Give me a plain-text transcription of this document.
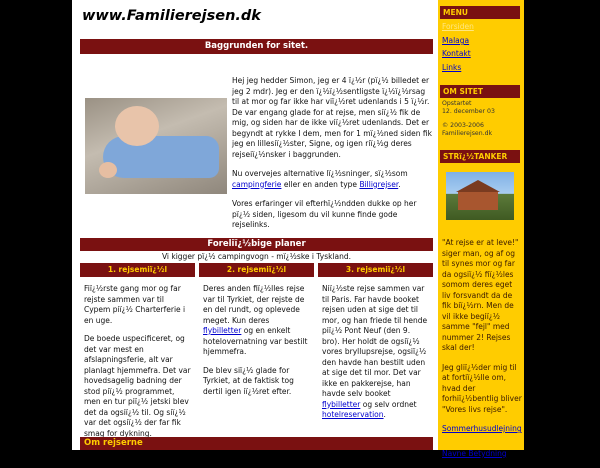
www.Familierejsen.dk
Baggrunden for sitet.

Hej jeg hedder Simon, jeg er 4 ï¿½r (pï¿½ billedet er jeg 2 mdr). Jeg er den ï¿½ï¿½sentligste ï¿½ï¿½rsag til at mor og far ikke har viï¿½ret udenlands i 5 ï¿½r. De var engang glade for at rejse, men siï¿½ fik de mig, og siden har de ikke viï¿½ret udenlands. Det er begyndt at rykke I dem, men for 1 mï¿½ned siden fik jeg en lillesiï¿½ster, Signe, og igen riï¿½g deres rejseiï¿½nsker i baggrunden.

Nu overvejes alternative lï¿½sninger, sï¿½som campingferie eller en anden type Billigrejser.

Vores erfaringer vil efterhï¿½ndden dukke op her pï¿½ siden, ligesom du vil kunne finde gode rejselinks.

Foreliï¿½bige planer
Vi kigger pï¿½ campingvogn - mï¿½ske i Tyskland.
1. rejsemiï¿½l

Fiï¿½rste gang mor og far rejste sammen var til Cypem piï¿½ Charterferie i en uge.

De boede uspecificeret, og det var mest en afslapningsferie, alt var planlagt hjemmefra. Det var hovedsagelig badning der stod piï¿½ programmet, men en tur piï¿½ jetski blev det da ogsiï¿½ til. Og siï¿½ var det ogsiï¿½ der far fik smag for dykning.

2. rejsemiï¿½l

Deres anden fiï¿½lles rejse var til Tyrkiet, der rejste de en del rundt, og oplevede meget. Kun deres flybilletter og en enkelt hotelovernatning var bestilt hjemmefra.

De blev siï¿½ glade for Tyrkiet, at de faktisk tog dertil igen iï¿½ret efter.

3. rejsemiï¿½l

Niï¿½ste rejse sammen var til Paris. Far havde booket rejsen uden at sige det til mor, og han friede til hende piï¿½ Pont Neuf (den 9. bro). Her holdt de ogsiï¿½ vores bryllupsrejse, ogsiï¿½ den havde han bestilt uden at sige det til mor. Det var ikke en pakkerejse, han havde selv booket flybilletter og selv ordnet hotelreservation.

Om rejserne
MENU
Forsiden
Malaga
Kontakt
Links
OM SITET
Opstartet
12. december 03
© 2003-2006 Familierejsen.dk
STRï¿½TANKER

"At rejse er at leve!" siger man, og af og til synes mor og far da ogsiï¿½ fiï¿½les somom deres eget liv forsvandt da de fik biï¿½rn. Men de vil ikke begiï¿½ samme "fejl" med nummer 2! Rejses skal der!

Jeg gliï¿½der mig til at fortiï¿½lle om, hvad der forhiï¿½bentlig bliver "Vores livs rejse".

Sommerhusudlejning

Navne Betydning
